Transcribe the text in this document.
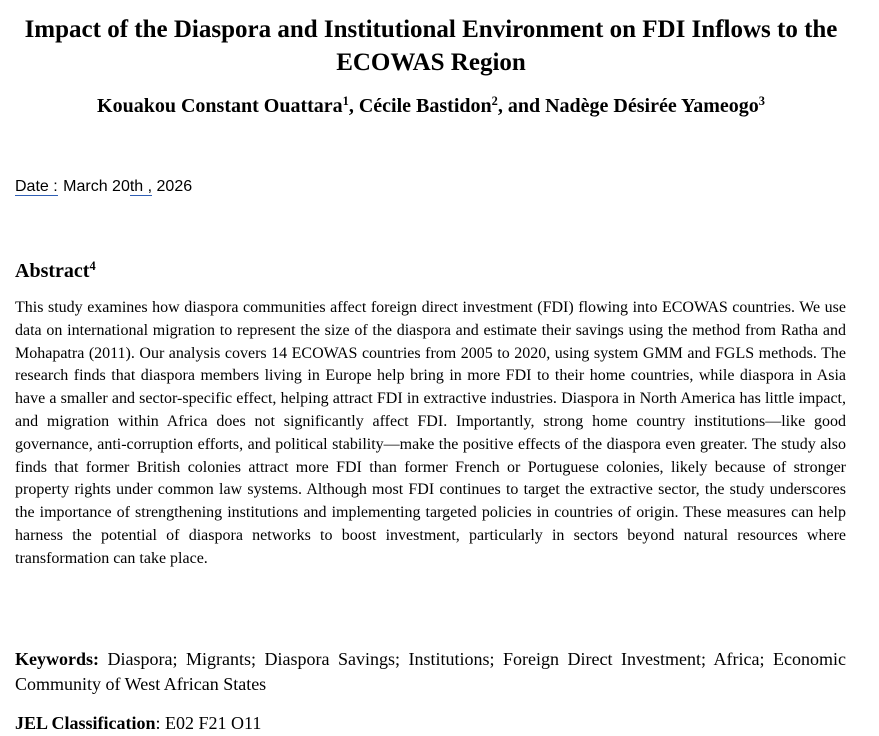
Impact of the Diaspora and Institutional Environment on FDI Inflows to the ECOWAS Region
Kouakou Constant Ouattara$^1$, Cécile Bastidon$^2$, and Nadège Désirée Yameogo$^3$
Date : March 20th , 2026
Abstract$^4$

This study examines how diaspora communities affect foreign direct investment (FDI) flowing into ECOWAS countries. We use data on international migration to represent the size of the diaspora and estimate their savings using the method from Ratha and Mohapatra (2011). Our analysis covers 14 ECOWAS countries from 2005 to 2020, using system GMM and FGLS methods. The research finds that diaspora members living in Europe help bring in more FDI to their home countries, while diaspora in Asia have a smaller and sector-specific effect, helping attract FDI in extractive industries. Diaspora in North America has little impact, and migration within Africa does not significantly affect FDI. Importantly, strong home country institutions—like good governance, anti-corruption efforts, and political stability—make the positive effects of the diaspora even greater. The study also finds that former British colonies attract more FDI than former French or Portuguese colonies, likely because of stronger property rights under common law systems. Although most FDI continues to target the extractive sector, the study underscores the importance of strengthening institutions and implementing targeted policies in countries of origin. These measures can help harness the potential of diaspora networks to boost investment, particularly in sectors beyond natural resources where transformation can take place.

Keywords: Diaspora; Migrants; Diaspora Savings; Institutions; Foreign Direct Investment; Africa; Economic Community of West African States

JEL Classification: E02 F21 O11
